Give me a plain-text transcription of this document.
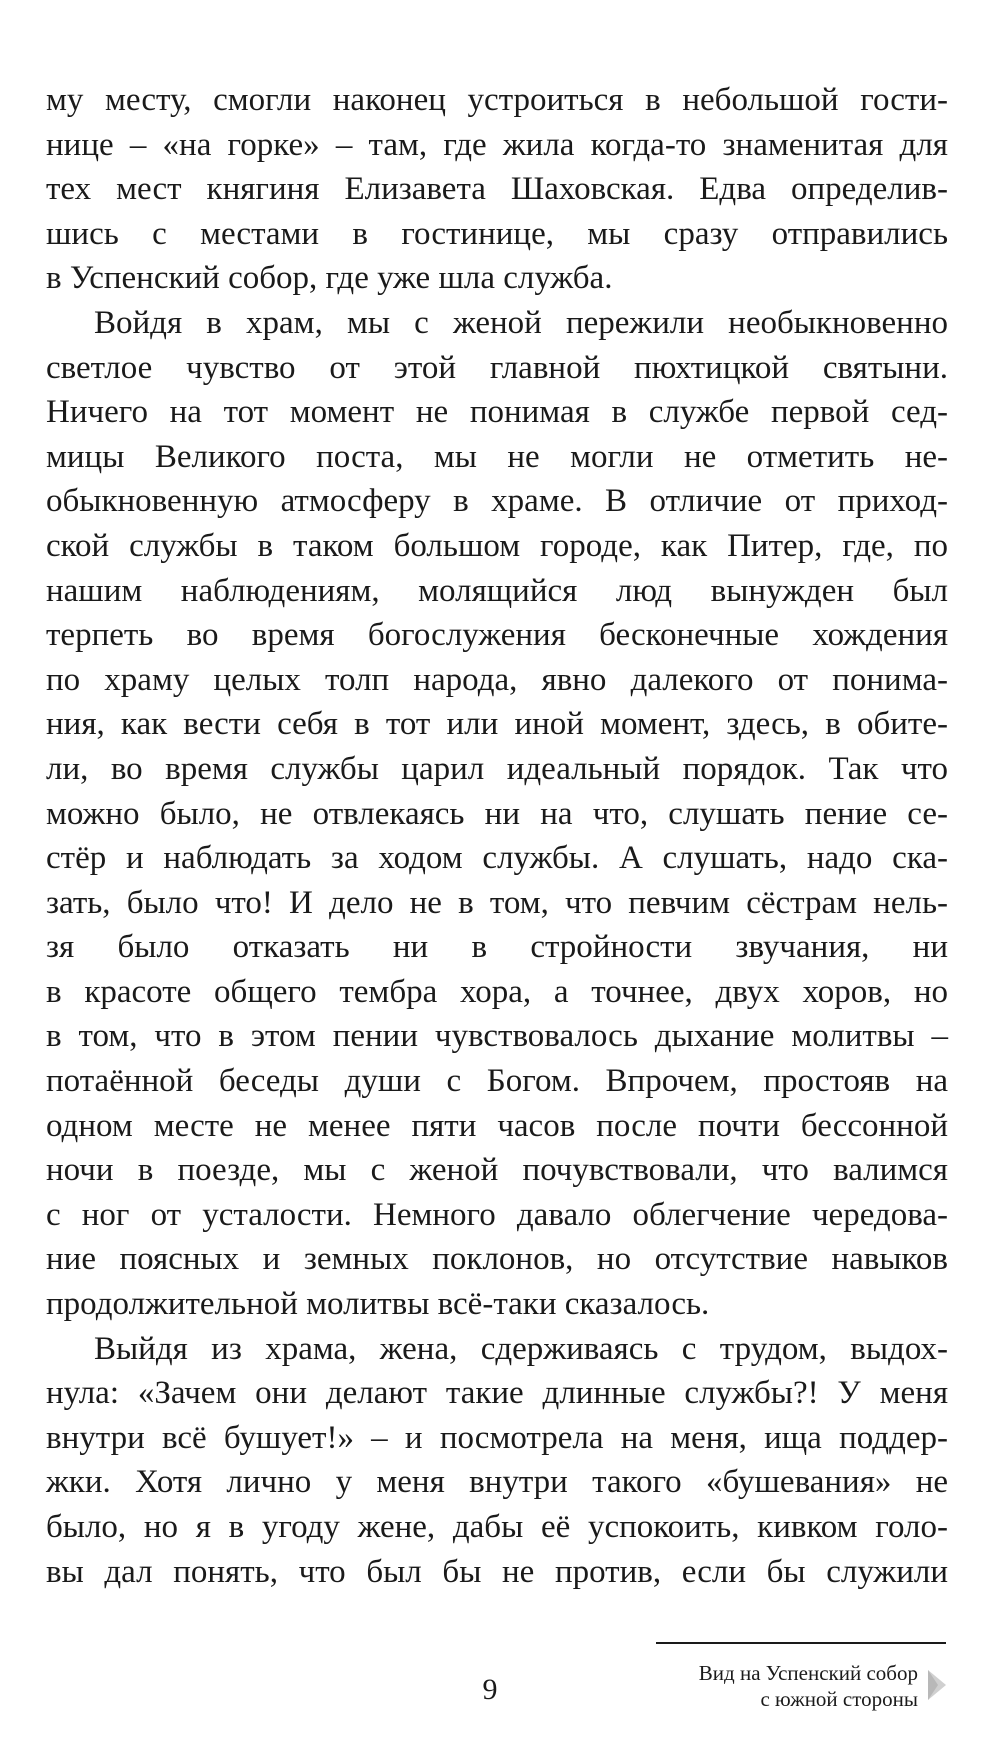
му месту, смогли наконец устроиться в небольшой гости-
нице – «на горке» – там, где жила когда-то знаменитая для
тех мест княгиня Елизавета Шаховская. Едва определив-
шись с местами в гостинице, мы сразу отправились
в Успенский собор, где уже шла служба.
Войдя в храм, мы с женой пережили необыкновенно
светлое чувство от этой главной пюхтицкой святыни.
Ничего на тот момент не понимая в службе первой сед-
мицы Великого поста, мы не могли не отметить не-
обыкновенную атмосферу в храме. В отличие от приход-
ской службы в таком большом городе, как Питер, где, по
нашим наблюдениям, молящийся люд вынужден был
терпеть во время богослужения бесконечные хождения
по храму целых толп народа, явно далекого от понима-
ния, как вести себя в тот или иной момент, здесь, в обите-
ли, во время службы царил идеальный порядок. Так что
можно было, не отвлекаясь ни на что, слушать пение се-
стёр и наблюдать за ходом службы. А слушать, надо ска-
зать, было что! И дело не в том, что певчим сёстрам нель-
зя было отказать ни в стройности звучания, ни
в красоте общего тембра хора, а точнее, двух хоров, но
в том, что в этом пении чувствовалось дыхание молитвы –
потаённой беседы души с Богом. Впрочем, простояв на
одном месте не менее пяти часов после почти бессонной
ночи в поезде, мы с женой почувствовали, что валимся
с ног от усталости. Немного давало облегчение чередова-
ние поясных и земных поклонов, но отсутствие навыков
продолжительной молитвы всё-таки сказалось.
Выйдя из храма, жена, сдерживаясь с трудом, выдох-
нула: «Зачем они делают такие длинные службы?! У меня
внутри всё бушует!» – и посмотрела на меня, ища поддер-
жки. Хотя лично у меня внутри такого «бушевания» не
было, но я в угоду жене, дабы её успокоить, кивком голо-
вы дал понять, что был бы не против, если бы служили
9	Вид на Успенский собор
с южной стороны
